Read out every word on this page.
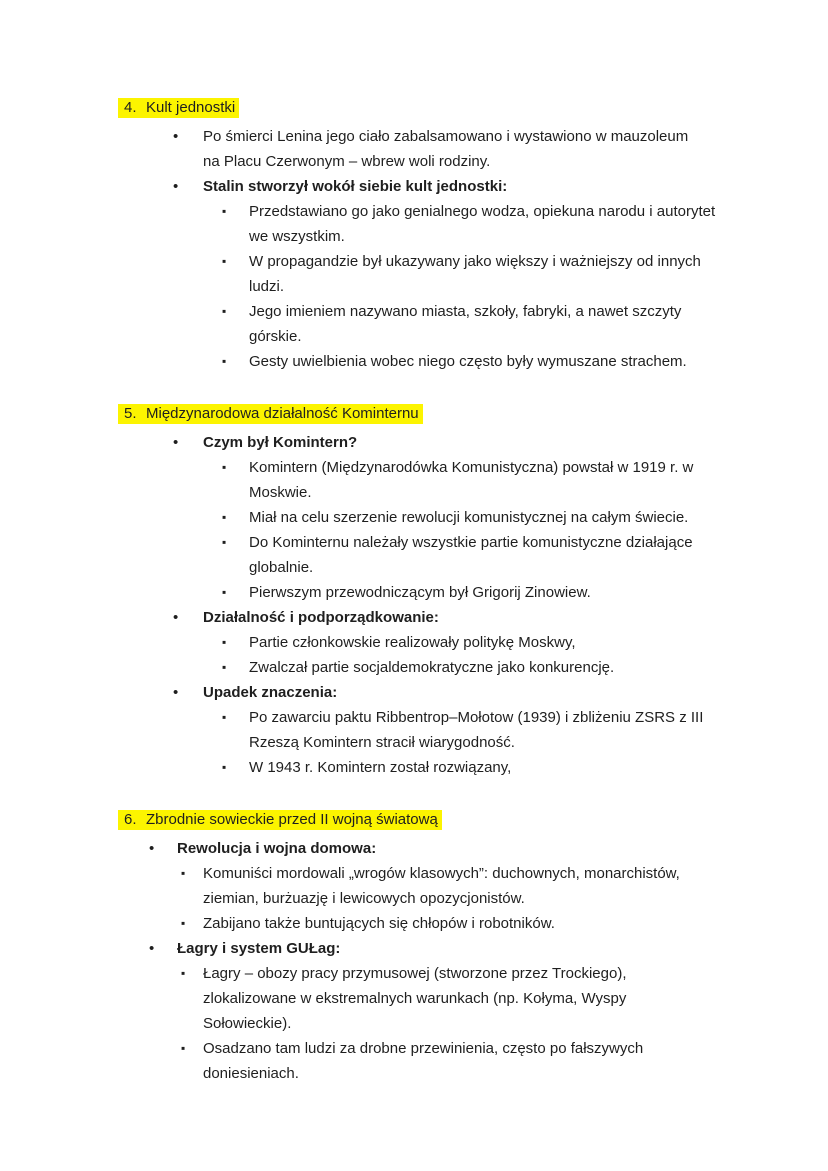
4. Kult jednostki
•	Po śmierci Lenina jego ciało zabalsamowano i wystawiono w mauzoleum na Placu Czerwonym – wbrew woli rodziny.
•	Stalin stworzył wokół siebie kult jednostki:
▪	Przedstawiano go jako genialnego wodza, opiekuna narodu i autorytet we wszystkim.
▪	W propagandzie był ukazywany jako większy i ważniejszy od innych ludzi.
▪	Jego imieniem nazywano miasta, szkoły, fabryki, a nawet szczyty górskie.
▪	Gesty uwielbienia wobec niego często były wymuszane strachem.
5. Międzynarodowa działalność Kominternu
•	Czym był Komintern?
▪	Komintern (Międzynarodówka Komunistyczna) powstał w 1919 r. w Moskwie.
▪	Miał na celu szerzenie rewolucji komunistycznej na całym świecie.
▪	Do Kominternu należały wszystkie partie komunistyczne działające globalnie.
▪	Pierwszym przewodniczącym był Grigorij Zinowiew.
•	Działalność i podporządkowanie:
▪	Partie członkowskie realizowały politykę Moskwy,
▪	Zwalczał partie socjaldemokratyczne jako konkurencję.
•	Upadek znaczenia:
▪	Po zawarciu paktu Ribbentrop–Mołotow (1939) i zbliżeniu ZSRS z III Rzeszą Komintern stracił wiarygodność.
▪	W 1943 r. Komintern został rozwiązany,
6. Zbrodnie sowieckie przed II wojną światową
•	Rewolucja i wojna domowa:
▪	Komuniści mordowali „wrogów klasowych”: duchownych, monarchistów, ziemian, burżuazję i lewicowych opozycjonistów.
▪	Zabijano także buntujących się chłopów i robotników.
•	Łagry i system GUŁag:
▪	Łagry – obozy pracy przymusowej (stworzone przez Trockiego), zlokalizowane w ekstremalnych warunkach (np. Kołyma, Wyspy Sołowieckie).
▪	Osadzano tam ludzi za drobne przewinienia, często po fałszywych doniesieniach.
